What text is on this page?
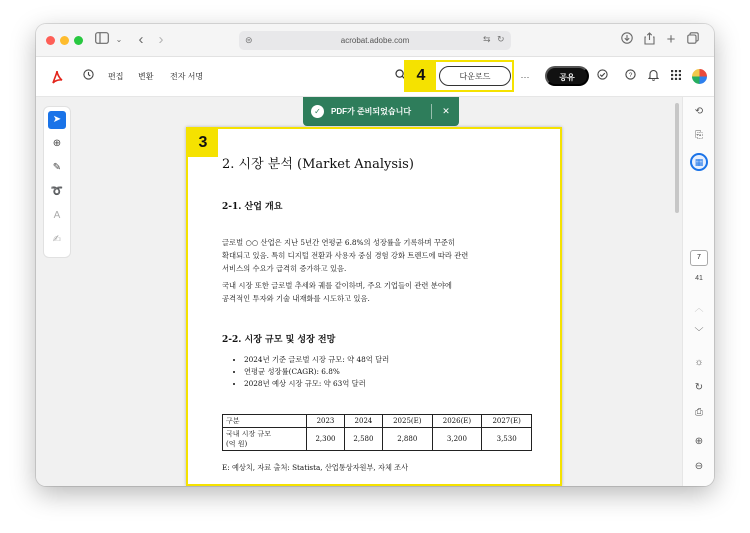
⌄	‹	›	⊜	acrobat.adobe.com	⇆ ↻	+
편집 변환 전자 서명	4	다운로드	···	공유	?
➤
⊕
✎
➰
A
✍
✓	PDF가 준비되었습니다	✕
3
2. 시장 분석 (Market Analysis)
2-1. 산업 개요
글로벌 ○○ 산업은 지난 5년간 연평균 6.8%의 성장률을 기록하며 꾸준히
확대되고 있음. 특히 디지털 전환과 사용자 중심 경험 강화 트렌드에 따라 관련
서비스의 수요가 급격히 증가하고 있음.
국내 시장 또한 글로벌 추세와 궤를 같이하며, 주요 기업들이 관련 분야에
공격적인 투자와 기술 내재화를 시도하고 있음.
2-2. 시장 규모 및 성장 전망
• 2024년 기준 글로벌 시장 규모: 약 48억 달러
• 연평균 성장률(CAGR): 6.8%
• 2028년 예상 시장 규모: 약 63억 달러
구분	2023	2024	2025(E)	2026(E)	2027(E)

국내 시장 규모
(억 원)	2,300	2,580	2,880	3,200	3,530
E: 예상치, 자료 출처: Statista, 산업통상자원부, 자체 조사
⟲
⎘
▦
7
41
︿
﹀
☼
↻
⎙
⊕
⊖
